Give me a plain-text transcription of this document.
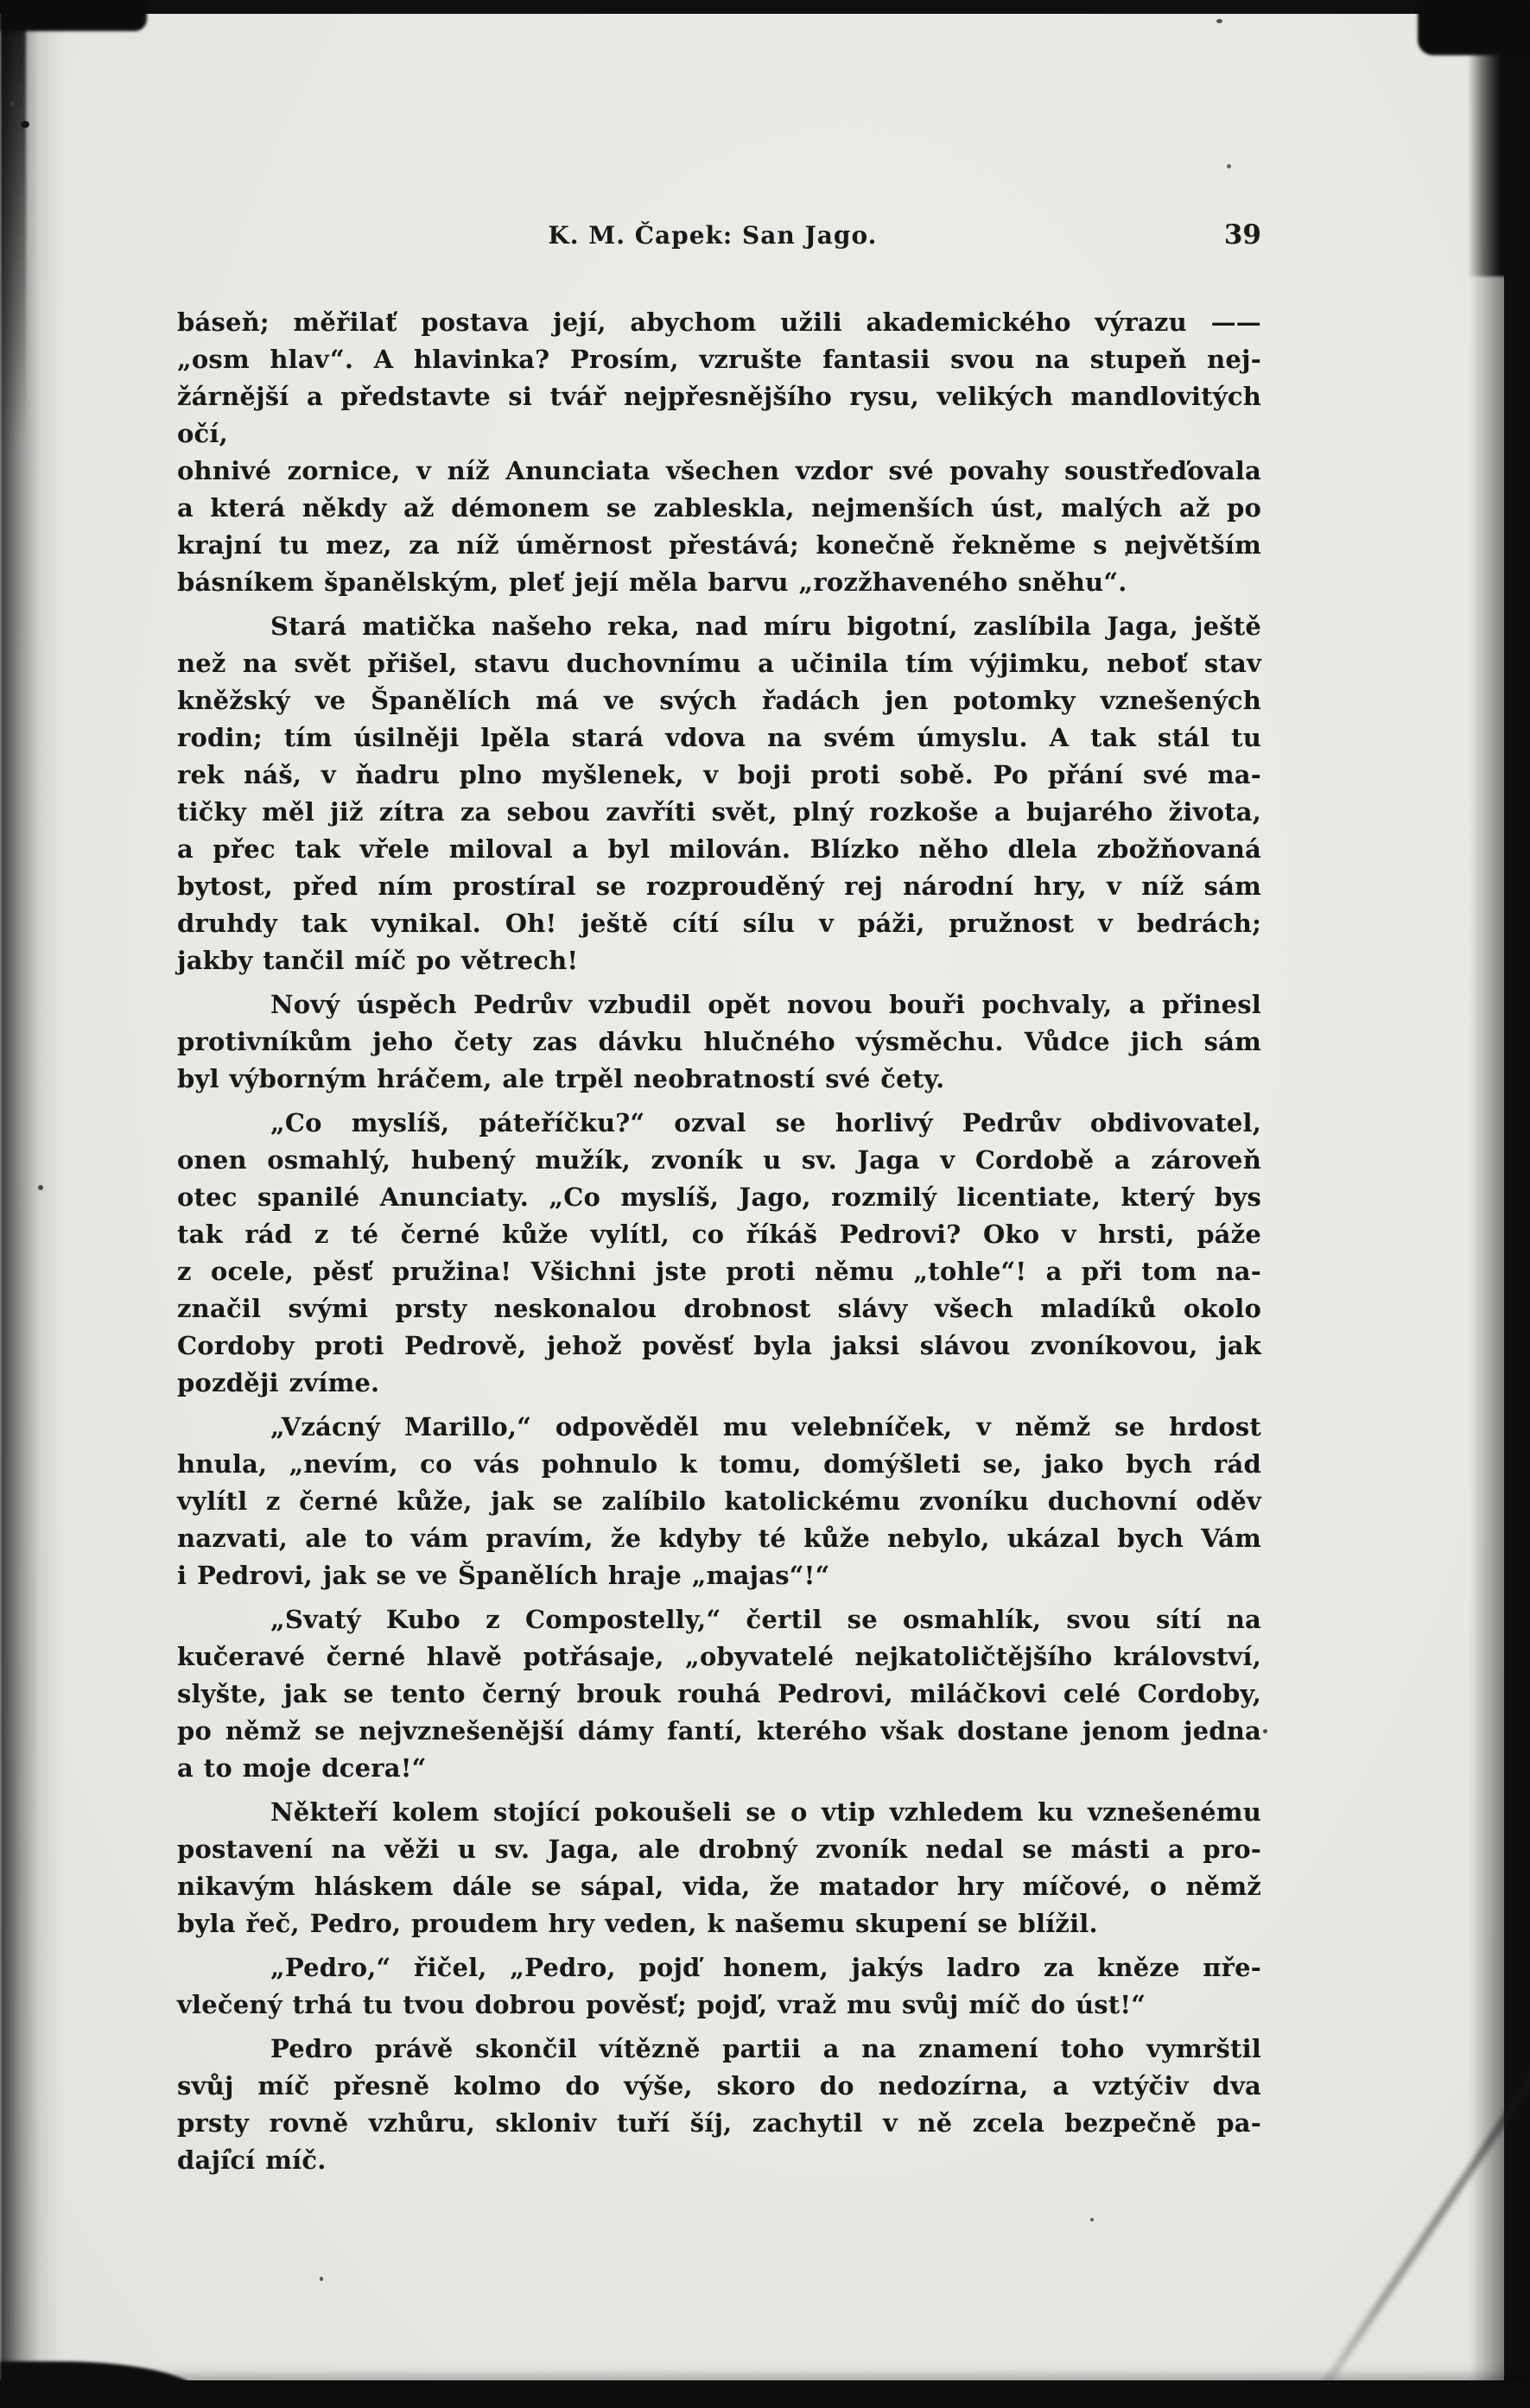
K. M. Čapek: San Jago.	39

báseň; měřilať postava její, abychom užili akademického výrazu ——
„osm hlav“. A hlavinka? Prosím, vzrušte fantasii svou na stupeň nej-
žárnější a představte si tvář nejpřesnějšího rysu, velikých mandlovitých očí,
ohnivé zornice, v níž Anunciata všechen vzdor své povahy soustřeďovala
a která někdy až démonem se zableskla, nejmenších úst, malých až po
krajní tu mez, za níž úměrnost přestává; konečně řekněme s největším
básníkem španělským, pleť její měla barvu „rozžhaveného sněhu“.

Stará matička našeho reka, nad míru bigotní, zaslíbila Jaga, ještě
než na svět přišel, stavu duchovnímu a učinila tím výjimku, neboť stav
kněžský ve Španělích má ve svých řadách jen potomky vznešených
rodin; tím úsilněji lpěla stará vdova na svém úmyslu. A tak stál tu
rek náš, v ňadru plno myšlenek, v boji proti sobě. Po přání své ma-
tičky měl již zítra za sebou zavříti svět, plný rozkoše a bujarého života,
a přec tak vřele miloval a byl milován. Blízko něho dlela zbožňovaná
bytost, před ním prostíral se rozprouděný rej národní hry, v níž sám
druhdy tak vynikal. Oh! ještě cítí sílu v páži, pružnost v bedrách;
jakby tančil míč po větrech!

Nový úspěch Pedrův vzbudil opět novou bouři pochvaly, a přinesl
protivníkům jeho čety zas dávku hlučného výsměchu. Vůdce jich sám
byl výborným hráčem, ale trpěl neobratností své čety.

„Co myslíš, páteříčku?“ ozval se horlivý Pedrův obdivovatel,
onen osmahlý, hubený mužík, zvoník u sv. Jaga v Cordobě a zároveň
otec spanilé Anunciaty. „Co myslíš, Jago, rozmilý licentiate, který bys
tak rád z té černé kůže vylítl, co říkáš Pedrovi? Oko v hrsti, páže
z ocele, pěsť pružina! Všichni jste proti němu „tohle“! a při tom na-
značil svými prsty neskonalou drobnost slávy všech mladíků okolo
Cordoby proti Pedrově, jehož pověsť byla jaksi slávou zvoníkovou, jak
později zvíme.

„Vzácný Marillo,“ odpověděl mu velebníček, v němž se hrdost
hnula, „nevím, co vás pohnulo k tomu, domýšleti se, jako bych rád
vylítl z černé kůže, jak se zalíbilo katolickému zvoníku duchovní oděv
nazvati, ale to vám pravím, že kdyby té kůže nebylo, ukázal bych Vám
i Pedrovi, jak se ve Španělích hraje „majas“!“

„Svatý Kubo z Compostelly,“ čertil se osmahlík, svou sítí na
kučeravé černé hlavě potřásaje, „obyvatelé nejkatoličtějšího království,
slyšte, jak se tento černý brouk rouhá Pedrovi, miláčkovi celé Cordoby,
po němž se nejvznešenější dámy fantí, kterého však dostane jenom jedna
a to moje dcera!“

Někteří kolem stojící pokoušeli se o vtip vzhledem ku vznešenému
postavení na věži u sv. Jaga, ale drobný zvoník nedal se másti a pro-
nikavým hláskem dále se sápal, vida, že matador hry míčové, o němž
byla řeč, Pedro, proudem hry veden, k našemu skupení se blížil.

„Pedro,“ řičel, „Pedro, pojď honem, jakýs ladro za kněze пře-
vlečený trhá tu tvou dobrou pověsť; pojď, vraž mu svůj míč do úst!“

Pedro právě skončil vítězně partii a na znamení toho vymrštil
svůj míč přesně kolmo do výše, skoro do nedozírna, a vztýčiv dva
prsty rovně vzhůru, skloniv tuří šíj, zachytil v ně zcela bezpečně pa-
dající míč.
